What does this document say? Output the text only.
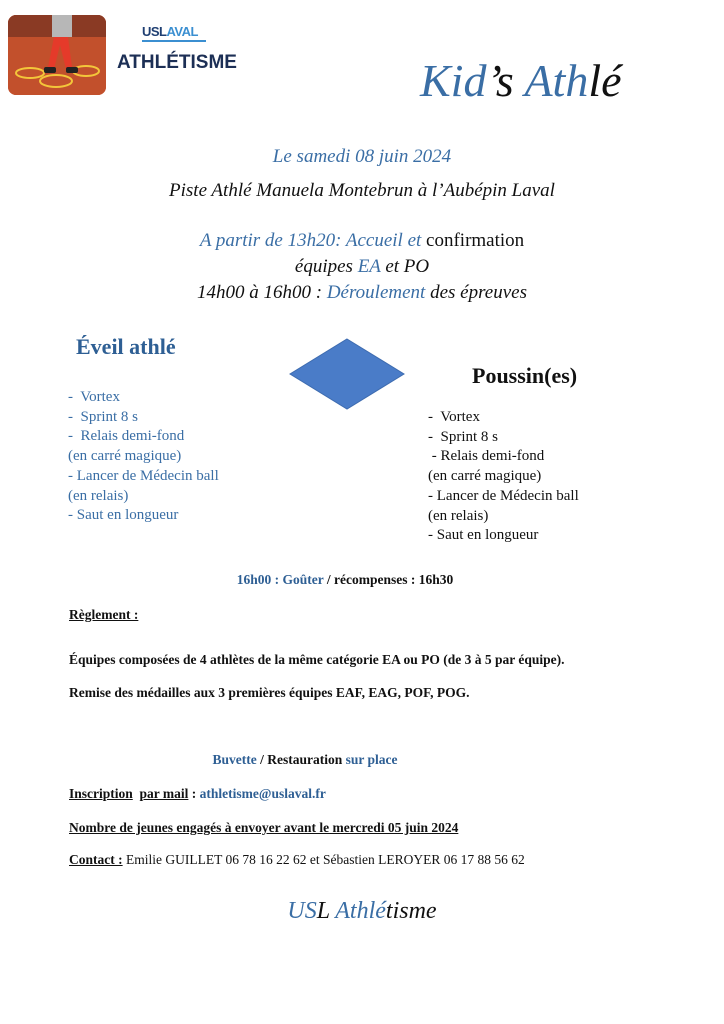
USLAVAL
ATHLÉTISME	Kid’s Athlé
Le samedi 08 juin 2024
Piste Athlé Manuela Montebrun à l’Aubépin Laval
A partir de 13h20: Accueil et confirmation
équipes EA et PO
14h00 à 16h00 : Déroulement des épreuves
Éveil athlé
Poussin(es)
-  Vortex
-  Sprint 8 s
-  Relais demi-fond
(en carré magique)
- Lancer de Médecin ball
(en relais)
- Saut en longueur
-  Vortex
-  Sprint 8 s
- Relais demi-fond
(en carré magique)
- Lancer de Médecin ball
(en relais)
- Saut en longueur
16h00 : Goûter / récompenses : 16h30
Règlement :
Équipes composées de 4 athlètes de la même catégorie EA ou PO (de 3 à 5 par équipe).
Remise des médailles aux 3 premières équipes EAF, EAG, POF, POG.
Buvette / Restauration sur place
Inscription par mail : athletisme@uslaval.fr
Nombre de jeunes engagés à envoyer avant le mercredi 05 juin 2024
Contact : Emilie GUILLET 06 78 16 22 62 et Sébastien LEROYER 06 17 88 56 62
USL Athlétisme
